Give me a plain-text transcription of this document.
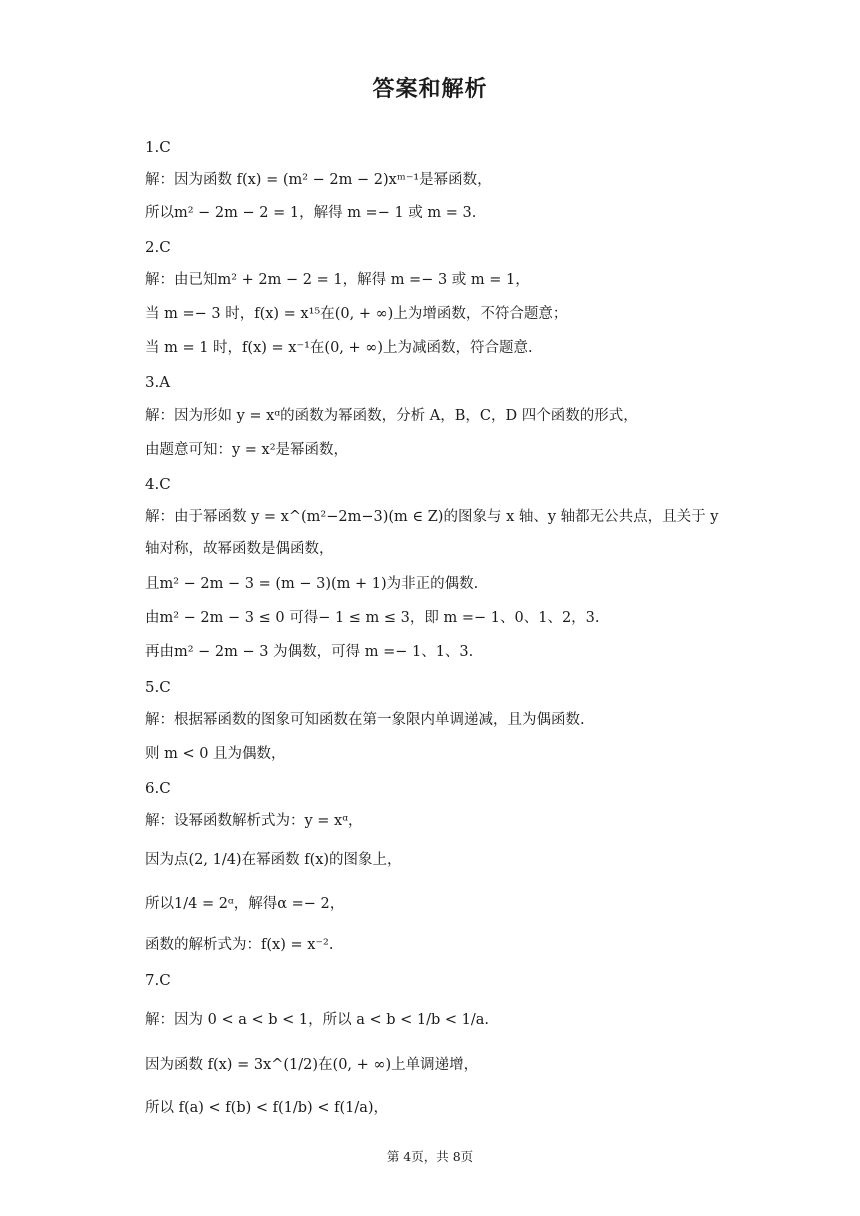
答案和解析
1.C
解：因为函数 f(x) = (m² − 2m − 2)xᵐ⁻¹是幂函数，
所以m² − 2m − 2 = 1，解得 m =− 1 或 m = 3.
2.C
解：由已知m² + 2m − 2 = 1，解得 m =− 3 或 m = 1，
当 m =− 3 时，f(x) = x¹⁵在(0, + ∞)上为增函数，不符合题意；
当 m = 1 时，f(x) = x⁻¹在(0, + ∞)上为减函数，符合题意.
3.A
解：因为形如 y = xᵅ的函数为幂函数，分析 A，B，C，D 四个函数的形式，
由题意可知：y = x²是幂函数，
4.C
解：由于幂函数 y = x^(m²−2m−3)(m ∈ Z)的图象与 x 轴、y 轴都无公共点，且关于 y 轴对称，故幂函数是偶函数，
且m² − 2m − 3 = (m − 3)(m + 1)为非正的偶数.
由m² − 2m − 3 ≤ 0 可得− 1 ≤ m ≤ 3，即 m =− 1、0、1、2，3.
再由m² − 2m − 3 为偶数，可得 m =− 1、1、3.
5.C
解：根据幂函数的图象可知函数在第一象限内单调递减，且为偶函数.
则 m < 0 且为偶数，
6.C
解：设幂函数解析式为：y = xᵅ，
因为点(2, 1/4)在幂函数 f(x)的图象上，
所以1/4 = 2ᵅ，解得α =− 2，
函数的解析式为：f(x) = x⁻².
7.C
解：因为 0 < a < b < 1，所以 a < b < 1/b < 1/a.
因为函数 f(x) = 3x^(1/2)在(0, + ∞)上单调递增，
所以 f(a) < f(b) < f(1/b) < f(1/a)，
第 4页，共 8页
